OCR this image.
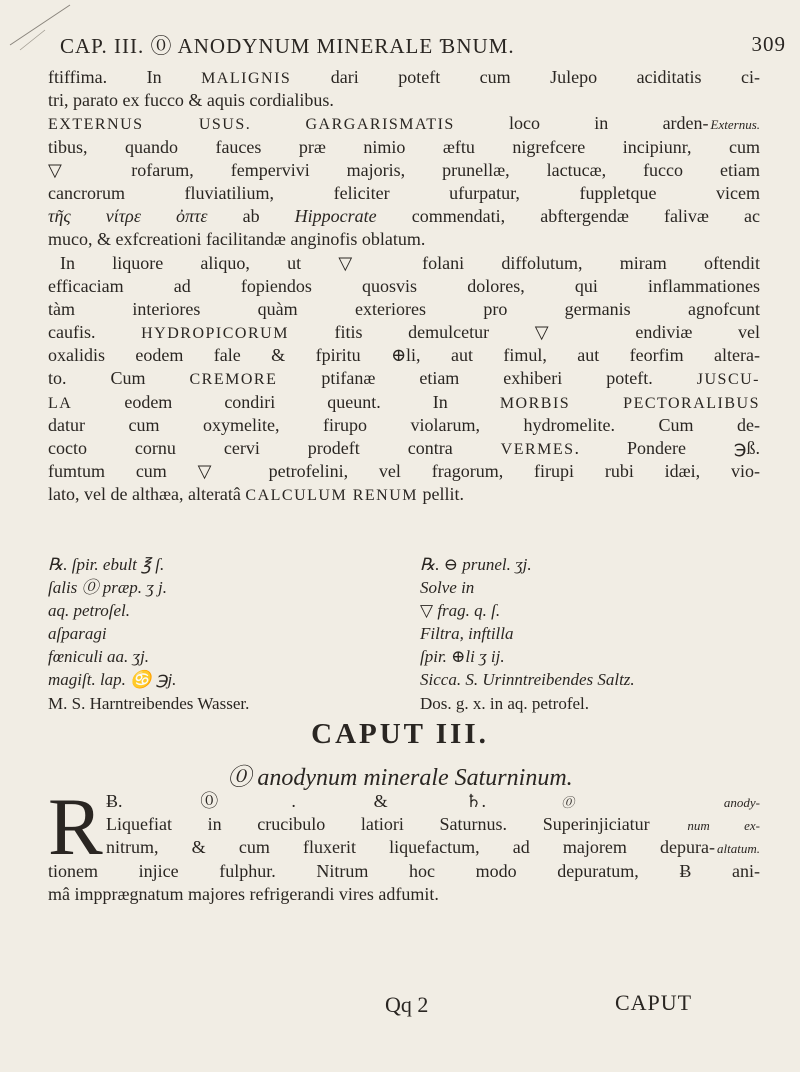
CAP. III. ⓪ ANODYNUM MINERALE ƁNUM.	309
ftiffima. In MALIGNIS dari poteft cum Julepo aciditatis ci-
tri, parato ex fucco & aquis cordialibus.
EXTERNUS USUS.	GARGARISMATIS loco in arden- Externus.
tibus, quando fauces præ nimio æftu nigrefcere incipiunr, cum
▽ rofarum, fempervivi majoris, prunellæ, lactucæ, fucco etiam
cancrorum fluviatilium, feliciter ufurpatur, fuppletque vicem
τῆς νίτρε ὀπτε ab Hippocrate commendati, abftergendæ falivæ ac
muco, & exfcreationi facilitandæ anginofis oblatum.
In liquore aliquo, ut ▽ folani diffolutum, miram oftendit
efficaciam ad fopiendos quosvis dolores, qui inflammationes
tàm interiores quàm exteriores pro germanis agnofcunt
caufis. HYDROPICORUM fitis demulcetur ▽ endiviæ vel
oxalidis eodem fale & fpiritu ⊕li, aut fimul, aut feorfim altera-
to. Cum CREMORE ptifanæ etiam exhiberi poteft. JUSCU-
LA eodem condiri queunt. In MORBIS PECTORALIBUS
datur cum oxymelite, firupo violarum, hydromelite. Cum de-
cocto cornu cervi prodeft contra VERMES. Pondere ℈ß.
fumtum cum ▽ petrofelini, vel fragorum, firupi rubi idæi, vio-
lato, vel de althæa, alteratâ CALCULUM RENUM pellit.
℞. ſpir. ebult ℥ ſ.	℞. ⊖ prunel. ʒj.
ſalis ⓪ præp. ʒ j.	Solve in
aq. petroſel.	▽ frag. q. ſ.
aſparagi	Filtra, inftilla
fœniculi aa. ʒj.	ſpir. ⊕li ʒ ij.
magiſt. lap. ♋ ℈j.	Sicca. S. Urinntreibendes Saltz.
M. S. Harntreibendes Wasser.	Dos. g. x. in aq. petrofel.
CAPUT III.
⓪ anodynum minerale Saturninum.
R Ƀ. ⓪. & ♄. ⓪ anody-
Liquefiat in crucibulo latiori Saturnus. Superinjiciatur num ex-
nitrum, & cum fluxerit liquefactum, ad majorem depura- altatum.
tionem injice fulphur. Nitrum hoc modo depuratum, Ƀ ani-
mâ impprægnatum majores refrigerandi vires adfumit.
Qq 2	CAPUT
